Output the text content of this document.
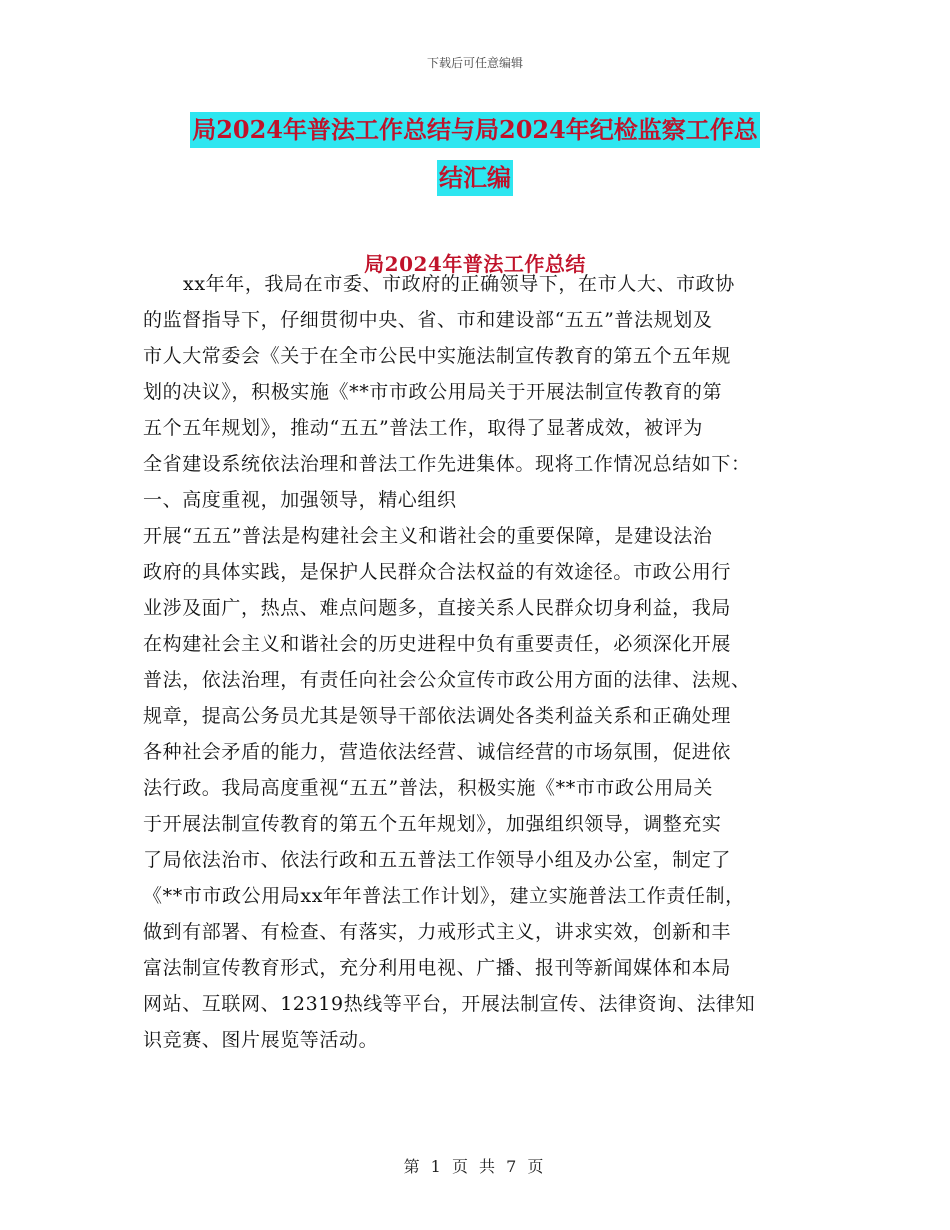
下载后可任意编辑
局2024年普法工作总结与局2024年纪检监察工作总
结汇编
局2024年普法工作总结
xx年年，我局在市委、市政府的正确领导下，在市人大、市政协
的监督指导下，仔细贯彻中央、省、市和建设部“五五”普法规划及
市人大常委会《关于在全市公民中实施法制宣传教育的第五个五年规
划的决议》，积极实施《**市市政公用局关于开展法制宣传教育的第
五个五年规划》，推动“五五”普法工作，取得了显著成效，被评为
全省建设系统依法治理和普法工作先进集体。现将工作情况总结如下：
一、高度重视，加强领导，精心组织
开展“五五”普法是构建社会主义和谐社会的重要保障，是建设法治
政府的具体实践，是保护人民群众合法权益的有效途径。市政公用行
业涉及面广，热点、难点问题多，直接关系人民群众切身利益，我局
在构建社会主义和谐社会的历史进程中负有重要责任，必须深化开展
普法，依法治理，有责任向社会公众宣传市政公用方面的法律、法规、
规章，提高公务员尤其是领导干部依法调处各类利益关系和正确处理
各种社会矛盾的能力，营造依法经营、诚信经营的市场氛围，促进依
法行政。我局高度重视“五五”普法，积极实施《**市市政公用局关
于开展法制宣传教育的第五个五年规划》，加强组织领导，调整充实
了局依法治市、依法行政和五五普法工作领导小组及办公室，制定了
《**市市政公用局xx年年普法工作计划》，建立实施普法工作责任制，
做到有部署、有检查、有落实，力戒形式主义，讲求实效，创新和丰
富法制宣传教育形式，充分利用电视、广播、报刊等新闻媒体和本局
网站、互联网、12319热线等平台，开展法制宣传、法律资询、法律知
识竞赛、图片展览等活动。
第 1 页 共 7 页
